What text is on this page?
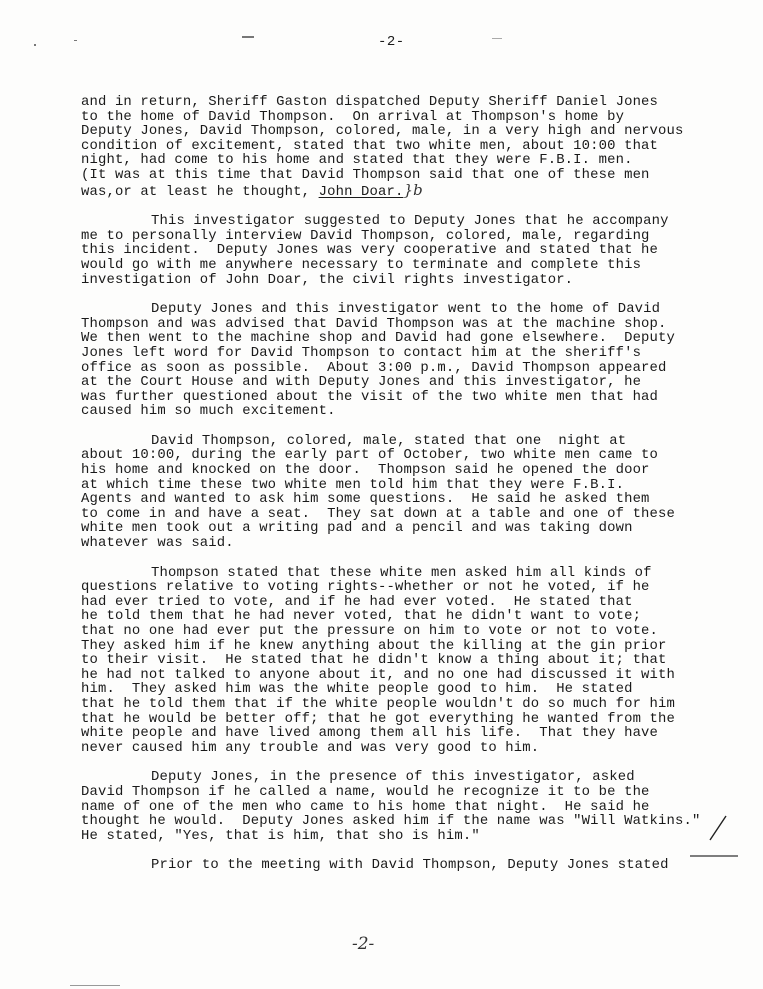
-2-
and in return, Sheriff Gaston dispatched Deputy Sheriff Daniel Jones
to the home of David Thompson.  On arrival at Thompson's home by
Deputy Jones, David Thompson, colored, male, in a very high and nervous
condition of excitement, stated that two white men, about 10:00 that
night, had come to his home and stated that they were F.B.I. men.
(It was at this time that David Thompson said that one of these men
was,or at least he thought, John Doar.}b
This investigator suggested to Deputy Jones that he accompany
me to personally interview David Thompson, colored, male, regarding
this incident.  Deputy Jones was very cooperative and stated that he
would go with me anywhere necessary to terminate and complete this
investigation of John Doar, the civil rights investigator.
Deputy Jones and this investigator went to the home of David
Thompson and was advised that David Thompson was at the machine shop.
We then went to the machine shop and David had gone elsewhere.  Deputy
Jones left word for David Thompson to contact him at the sheriff's
office as soon as possible.  About 3:00 p.m., David Thompson appeared
at the Court House and with Deputy Jones and this investigator, he
was further questioned about the visit of the two white men that had
caused him so much excitement.
David Thompson, colored, male, stated that one  night at
about 10:00, during the early part of October, two white men came to
his home and knocked on the door.  Thompson said he opened the door
at which time these two white men told him that they were F.B.I.
Agents and wanted to ask him some questions.  He said he asked them
to come in and have a seat.  They sat down at a table and one of these
white men took out a writing pad and a pencil and was taking down
whatever was said.
Thompson stated that these white men asked him all kinds of
questions relative to voting rights--whether or not he voted, if he
had ever tried to vote, and if he had ever voted.  He stated that
he told them that he had never voted, that he didn't want to vote;
that no one had ever put the pressure on him to vote or not to vote.
They asked him if he knew anything about the killing at the gin prior
to their visit.  He stated that he didn't know a thing about it; that
he had not talked to anyone about it, and no one had discussed it with
him.  They asked him was the white people good to him.  He stated
that he told them that if the white people wouldn't do so much for him
that he would be better off; that he got everything he wanted from the
white people and have lived among them all his life.  That they have
never caused him any trouble and was very good to him.
Deputy Jones, in the presence of this investigator, asked
David Thompson if he called a name, would he recognize it to be the
name of one of the men who came to his home that night.  He said he
thought he would.  Deputy Jones asked him if the name was "Will Watkins."
He stated, "Yes, that is him, that sho is him."
Prior to the meeting with David Thompson, Deputy Jones stated
-2-
